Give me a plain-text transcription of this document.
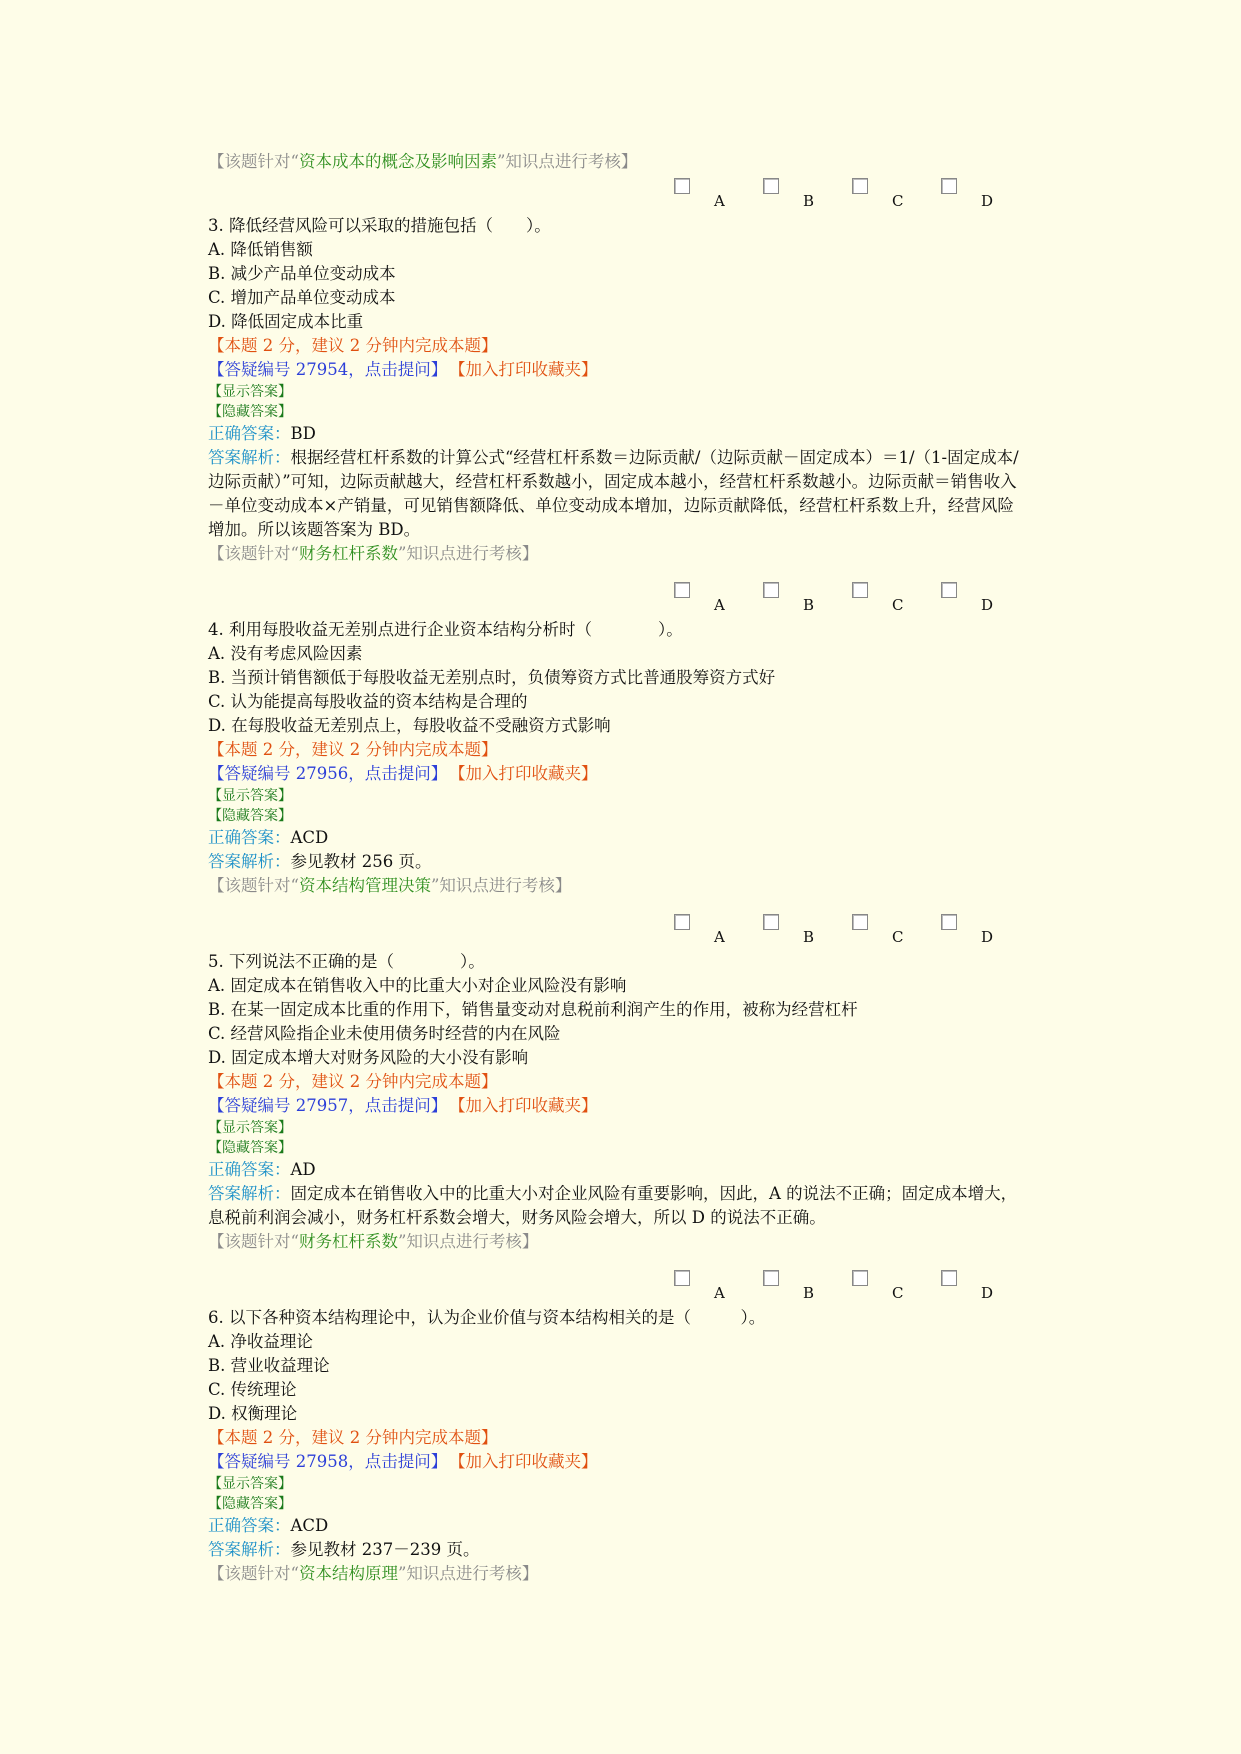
【该题针对“资本成本的概念及影响因素”知识点进行考核】
A	B	C	D
3. 降低经营风险可以采取的措施包括（　　）。
A. 降低销售额
B. 减少产品单位变动成本
C. 增加产品单位变动成本
D. 降低固定成本比重
【本题 2 分，建议 2 分钟内完成本题】
【答疑编号 27954，点击提问】 【加入打印收藏夹】
【显示答案】
【隐藏答案】
正确答案：BD
答案解析：根据经营杠杆系数的计算公式“经营杠杆系数＝边际贡献/（边际贡献－固定成本）＝1/（1-固定成本/边际贡献）”可知，边际贡献越大，经营杠杆系数越小，固定成本越小，经营杠杆系数越小。边际贡献＝销售收入－单位变动成本×产销量，可见销售额降低、单位变动成本增加，边际贡献降低，经营杠杆系数上升，经营风险增加。所以该题答案为 BD。
【该题针对“财务杠杆系数”知识点进行考核】
A	B	C	D
4. 利用每股收益无差别点进行企业资本结构分析时（　　　　）。
A. 没有考虑风险因素
B. 当预计销售额低于每股收益无差别点时，负债筹资方式比普通股筹资方式好
C. 认为能提高每股收益的资本结构是合理的
D. 在每股收益无差别点上，每股收益不受融资方式影响
【本题 2 分，建议 2 分钟内完成本题】
【答疑编号 27956，点击提问】 【加入打印收藏夹】
【显示答案】
【隐藏答案】
正确答案：ACD
答案解析：参见教材 256 页。
【该题针对“资本结构管理决策”知识点进行考核】
A	B	C	D
5. 下列说法不正确的是（　　　　）。
A. 固定成本在销售收入中的比重大小对企业风险没有影响
B. 在某一固定成本比重的作用下，销售量变动对息税前利润产生的作用，被称为经营杠杆
C. 经营风险指企业未使用债务时经营的内在风险
D. 固定成本增大对财务风险的大小没有影响
【本题 2 分，建议 2 分钟内完成本题】
【答疑编号 27957，点击提问】 【加入打印收藏夹】
【显示答案】
【隐藏答案】
正确答案：AD
答案解析：固定成本在销售收入中的比重大小对企业风险有重要影响，因此，A 的说法不正确；固定成本增大，息税前利润会减小，财务杠杆系数会增大，财务风险会增大，所以 D 的说法不正确。
【该题针对“财务杠杆系数”知识点进行考核】
A	B	C	D
6. 以下各种资本结构理论中，认为企业价值与资本结构相关的是（　　　）。
A. 净收益理论
B. 营业收益理论
C. 传统理论
D. 权衡理论
【本题 2 分，建议 2 分钟内完成本题】
【答疑编号 27958，点击提问】 【加入打印收藏夹】
【显示答案】
【隐藏答案】
正确答案：ACD
答案解析：参见教材 237－239 页。
【该题针对“资本结构原理”知识点进行考核】
